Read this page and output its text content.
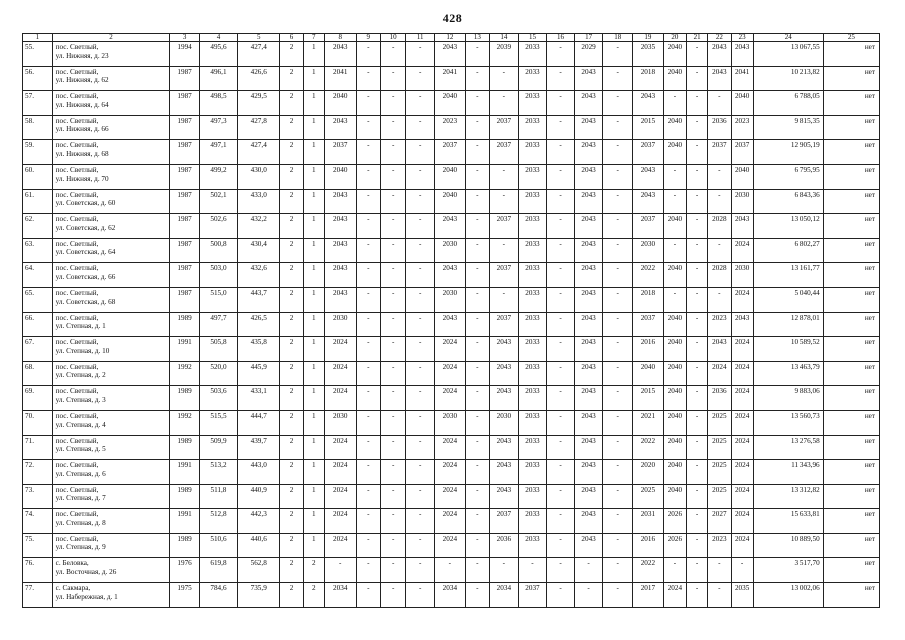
428
1	2	3	4	5	6	7	8	9	10	11	12	13	14	15	16	17	18	19	20	21	22	23	24	25
55.	пос. Светлый,
ул. Нижняя, д. 23	1994	495,6	427,4	2	1	2043	-	-	-	2043	-	2039	2033	-	2029	-	2035	2040	-	2043	2043	13 067,55	нет
56.	пос. Светлый,
ул. Нижняя, д. 62	1987	496,1	426,6	2	1	2041	-	-	-	2041	-	-	2033	-	2043	-	2018	2040	-	2043	2041	10 213,82	нет
57.	пос. Светлый,
ул. Нижняя, д. 64	1987	498,5	429,5	2	1	2040	-	-	-	2040	-	-	2033	-	2043	-	2043	-	-	-	2040	6 788,05	нет
58.	пос. Светлый,
ул. Нижняя, д. 66	1987	497,3	427,8	2	1	2043	-	-	-	2023	-	2037	2033	-	2043	-	2015	2040	-	2036	2023	9 815,35	нет
59.	пос. Светлый,
ул. Нижняя, д. 68	1987	497,1	427,4	2	1	2037	-	-	-	2037	-	2037	2033	-	2043	-	2037	2040	-	2037	2037	12 905,19	нет
60.	пос. Светлый,
ул. Нижняя, д. 70	1987	499,2	430,0	2	1	2040	-	-	-	2040	-	-	2033	-	2043	-	2043	-	-	-	2040	6 795,95	нет
61.	пос. Светлый,
ул. Советская, д. 60	1987	502,1	433,0	2	1	2043	-	-	-	2040	-	-	2033	-	2043	-	2043	-	-	-	2030	6 843,36	нет
62.	пос. Светлый,
ул. Советская, д. 62	1987	502,6	432,2	2	1	2043	-	-	-	2043	-	2037	2033	-	2043	-	2037	2040	-	2028	2043	13 050,12	нет
63.	пос. Светлый,
ул. Советская, д. 64	1987	500,8	430,4	2	1	2043	-	-	-	2030	-	-	2033	-	2043	-	2030	-	-	-	2024	6 802,27	нет
64.	пос. Светлый,
ул. Советская, д. 66	1987	503,0	432,6	2	1	2043	-	-	-	2043	-	2037	2033	-	2043	-	2022	2040	-	2028	2030	13 161,77	нет
65.	пос. Светлый,
ул. Советская, д. 68	1987	515,0	443,7	2	1	2043	-	-	-	2030	-	-	2033	-	2043	-	2018	-	-	-	2024	5 040,44	нет
66.	пос. Светлый,
ул. Степная, д. 1	1989	497,7	426,5	2	1	2030	-	-	-	2043	-	2037	2033	-	2043	-	2037	2040	-	2023	2043	12 878,01	нет
67.	пос. Светлый,
ул. Степная, д. 10	1991	505,8	435,8	2	1	2024	-	-	-	2024	-	2043	2033	-	2043	-	2016	2040	-	2043	2024	10 589,52	нет
68.	пос. Светлый,
ул. Степная, д. 2	1992	520,0	445,9	2	1	2024	-	-	-	2024	-	2043	2033	-	2043	-	2040	2040	-	2024	2024	13 463,79	нет
69.	пос. Светлый,
ул. Степная, д. 3	1989	503,6	433,1	2	1	2024	-	-	-	2024	-	2043	2033	-	2043	-	2015	2040	-	2036	2024	9 883,06	нет
70.	пос. Светлый,
ул. Степная, д. 4	1992	515,5	444,7	2	1	2030	-	-	-	2030	-	2030	2033	-	2043	-	2021	2040	-	2025	2024	13 560,73	нет
71.	пос. Светлый,
ул. Степная, д. 5	1989	509,9	439,7	2	1	2024	-	-	-	2024	-	2043	2033	-	2043	-	2022	2040	-	2025	2024	13 276,58	нет
72.	пос. Светлый,
ул. Степная, д. 6	1991	513,2	443,0	2	1	2024	-	-	-	2024	-	2043	2033	-	2043	-	2020	2040	-	2025	2024	11 343,96	нет
73.	пос. Светлый,
ул. Степная, д. 7	1989	511,8	440,9	2	1	2024	-	-	-	2024	-	2043	2033	-	2043	-	2025	2040	-	2025	2024	13 312,82	нет
74.	пос. Светлый,
ул. Степная, д. 8	1991	512,8	442,3	2	1	2024	-	-	-	2024	-	2037	2033	-	2043	-	2031	2026	-	2027	2024	15 633,81	нет
75.	пос. Светлый,
ул. Степная, д. 9	1989	510,6	440,6	2	1	2024	-	-	-	2024	-	2036	2033	-	2043	-	2016	2026	-	2023	2024	10 889,50	нет
76.	с. Беловка,
ул. Восточная, д. 26	1976	619,8	562,8	2	2	-	-	-	-	-	-	-	-	-	-	-	2022	-	-	-	-	3 517,70	нет
77.	с. Сакмара,
ул. Набережная, д. 1	1975	784,6	735,9	2	2	2034	-	-	-	2034	-	2034	2037	-	-	-	2017	2024	-	-	2035	13 002,06	нет
